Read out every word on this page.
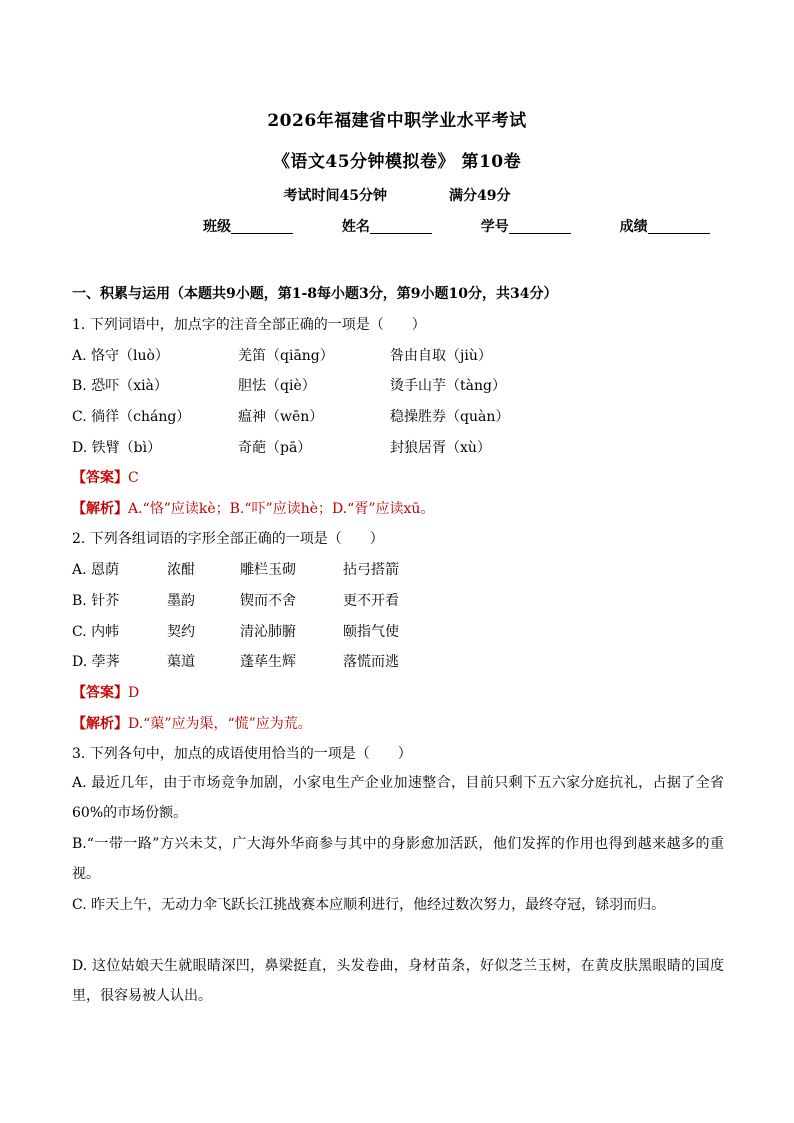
2026年福建省中职学业水平考试
《语文45分钟模拟卷》 第10卷
考试时间45分钟	满分49分
班级	姓名	学号	成绩
一、积累与运用（本题共9小题，第1-8每小题3分，第9小题10分，共34分）
1. 下列词语中，加点字的注音全部正确的一项是（　　）
A. 恪守（luò）	羌笛（qiāng）	咎由自取（jiù）
B. 恐吓（xià）	胆怯（qiè）	烫手山芋（tàng）
C. 徜徉（cháng）	瘟神（wēn）	稳操胜券（quàn）
D. 铁臂（bì）	奇葩（pā）	封狼居胥（xù）
【答案】C
【解析】A.“恪”应读kè；B.“吓”应读hè；D.“胥”应读xū。
2. 下列各组词语的字形全部正确的一项是（　　）
A. 恩荫	浓酣	雕栏玉砌	拈弓搭箭
B. 针芥	墨韵	锲而不舍	更不开看
C. 内帏	契约	清沁肺腑	颐指气使
D. 荸荠	蕖道	蓬荜生辉	落慌而逃
【答案】D
【解析】D.“蕖”应为渠，“慌”应为荒。
3. 下列各句中，加点的成语使用恰当的一项是（　　）
A. 最近几年，由于市场竞争加剧，小家电生产企业加速整合，目前只剩下五六家分庭抗礼，占据了全省60%的市场份额。
B.“一带一路”方兴未艾，广大海外华商参与其中的身影愈加活跃，他们发挥的作用也得到越来越多的重视。
C. 昨天上午，无动力伞飞跃长江挑战赛本应顺利进行，他经过数次努力，最终夺冠，铩羽而归。
D. 这位姑娘天生就眼睛深凹，鼻梁挺直，头发卷曲，身材苗条，好似芝兰玉树，在黄皮肤黑眼睛的国度里，很容易被人认出。
